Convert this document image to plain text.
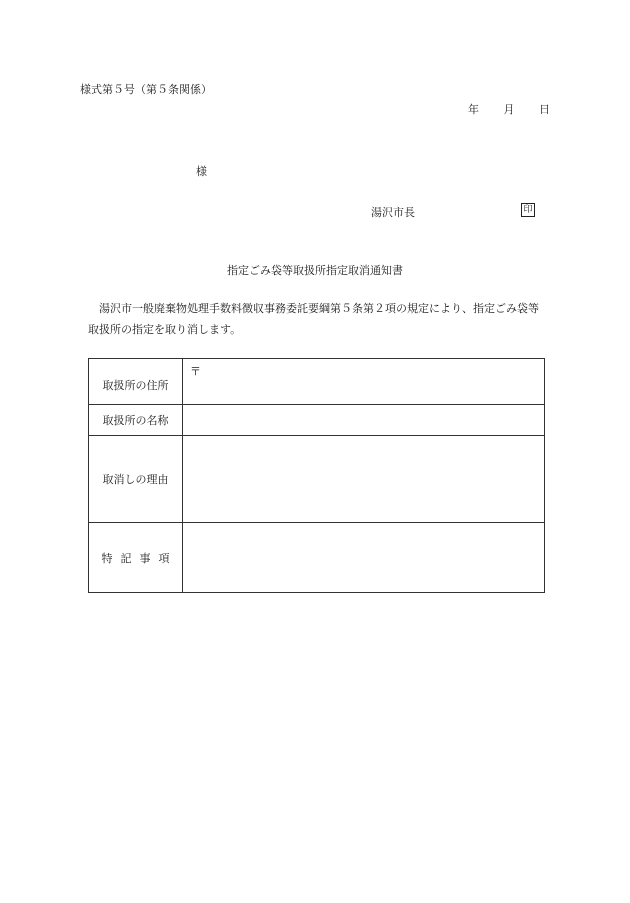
様式第５号（第５条関係）
年 月 日
様
湯沢市長	印
指定ごみ袋等取扱所指定取消通知書
湯沢市一般廃棄物処理手数料徴収事務委託要綱第５条第２項の規定により、指定ごみ袋等取扱所の指定を取り消します。
取扱所の住所	〒
取扱所の名称	
取消しの理由	
特記事項	
